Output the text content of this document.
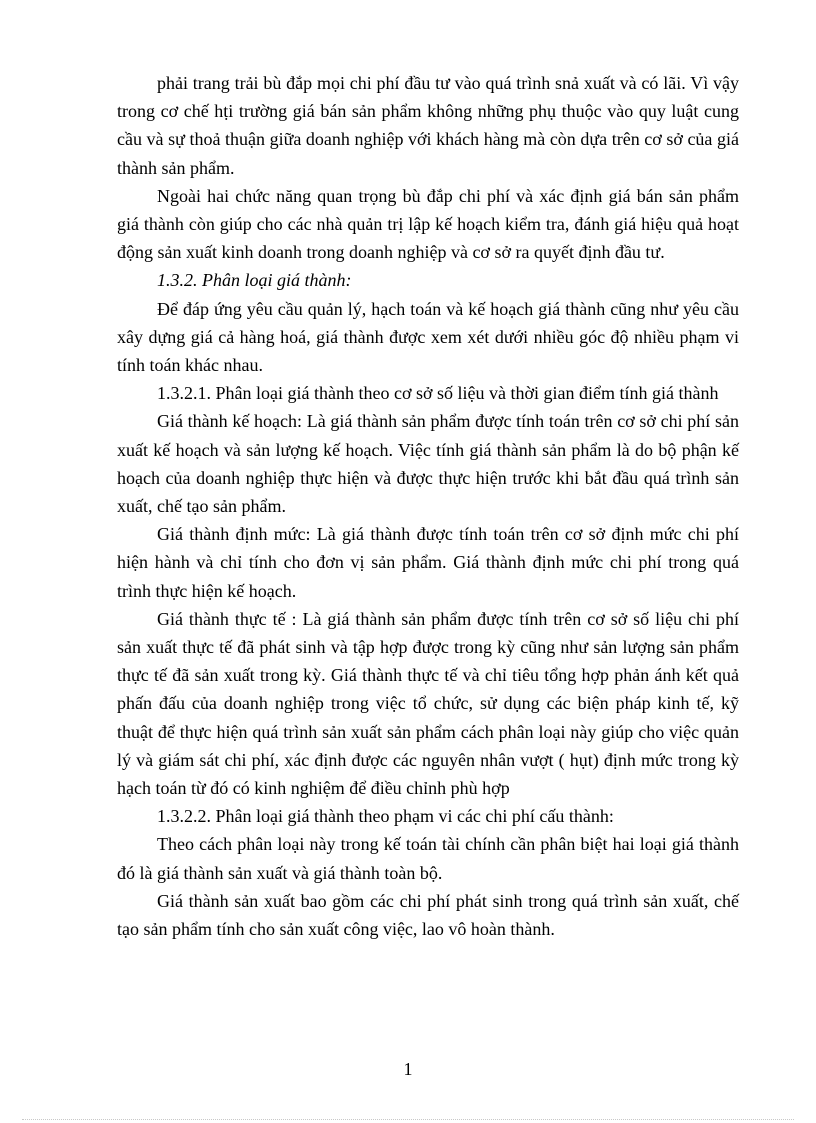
phải trang trải bù đắp mọi chi phí đầu tư vào quá trình snả xuất và có lãi. Vì vậy trong cơ chế hṭi trường giá bán sản phẩm không những phụ thuộc vào quy luật cung cầu và sự thoả thuận giữa doanh nghiệp với khách hàng mà còn dựa trên cơ sở của giá thành sản phẩm.

Ngoài hai chức năng quan trọng bù đắp chi phí và xác định giá bán sản phẩm giá thành còn giúp cho các nhà quản trị lập kế hoạch kiểm tra, đánh giá hiệu quả hoạt động sản xuất kinh doanh trong doanh nghiệp và cơ sở ra quyết định đầu tư.

1.3.2. Phân loại giá thành:

Để đáp ứng yêu cầu quản lý, hạch toán và kế hoạch giá thành cũng như yêu cầu xây dựng giá cả hàng hoá, giá thành được xem xét dưới nhiều góc độ nhiều phạm vi tính toán khác nhau.

1.3.2.1. Phân loại giá thành theo cơ sở số liệu và thời gian điểm tính giá thành

Giá thành kế hoạch: Là giá thành sản phẩm được tính toán trên cơ sở chi phí sản xuất kế hoạch và sản lượng kế hoạch. Việc tính giá thành sản phẩm là do bộ phận kế hoạch của doanh nghiệp thực hiện và được thực hiện trước khi bắt đầu quá trình sản xuất, chế tạo sản phẩm.

Giá thành định mức: Là giá thành được tính toán trên cơ sở định mức chi phí hiện hành và chỉ tính cho đơn vị sản phẩm. Giá thành định mức chi phí trong quá trình thực hiện kế hoạch.

Giá thành thực tế : Là giá thành sản phẩm được tính trên cơ sở số liệu chi phí sản xuất thực tế đã phát sinh và tập hợp được trong kỳ cũng như sản lượng sản phẩm thực tế đã sản xuất trong kỳ. Giá thành thực tế và chỉ tiêu tổng hợp phản ánh kết quả phấn đấu của doanh nghiệp trong việc tổ chức, sử dụng các biện pháp kinh tế, kỹ thuật để thực hiện quá trình sản xuất sản phẩm cách phân loại này giúp cho việc quản lý và giám sát chi phí, xác định được các nguyên nhân vượt ( hụt) định mức trong kỳ hạch toán từ đó có kinh nghiệm để điều chỉnh phù hợp

1.3.2.2. Phân loại giá thành theo phạm vi các chi phí cấu thành:

Theo cách phân loại này trong kế toán tài chính cần phân biệt hai loại giá thành đó là giá thành sản xuất và giá thành toàn bộ.

Giá thành sản xuất bao gồm các chi phí phát sinh trong quá trình sản xuất, chế tạo sản phẩm tính cho sản xuất công việc, lao vô hoàn thành.

1
